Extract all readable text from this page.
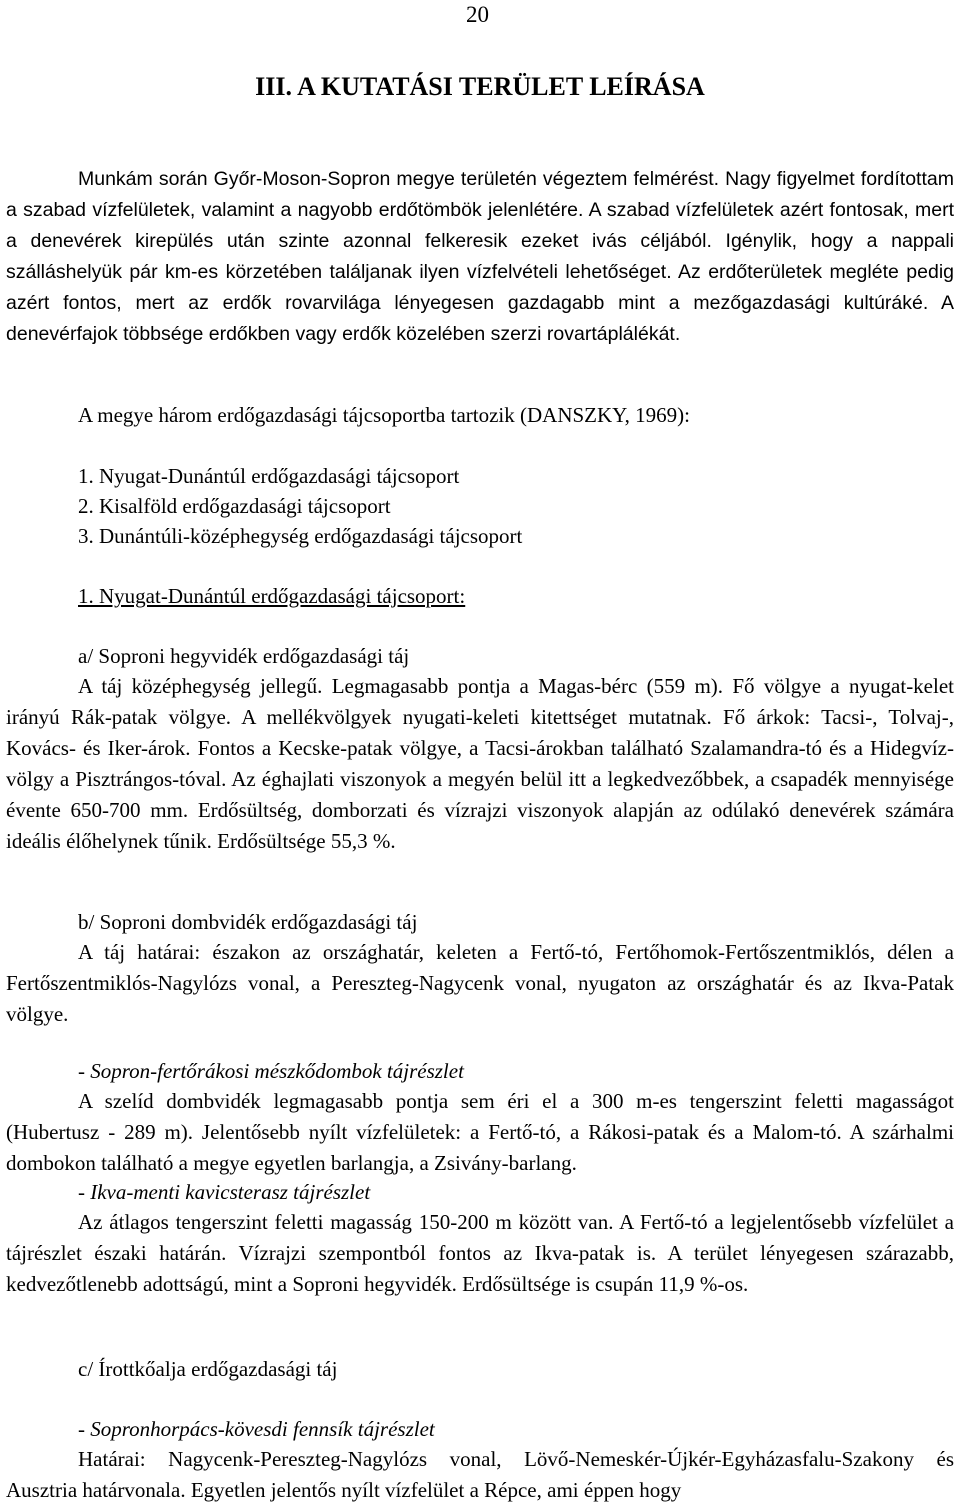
20
III. A KUTATÁSI TERÜLET LEÍRÁSA

Munkám során Győr-Moson-Sopron megye területén végeztem felmérést. Nagy figyelmet fordítottam a szabad vízfelületek, valamint a nagyobb erdőtömbök jelenlétére. A szabad vízfelületek azért fontosak, mert a denevérek kirepülés után szinte azonnal felkeresik ezeket ivás céljából. Igénylik, hogy a nappali szálláshelyük pár km-es körzetében találjanak ilyen vízfelvételi lehetőséget. Az erdőterületek megléte pedig azért fontos, mert az erdők rovarvilága lényegesen gazdagabb mint a mezőgazdasági kultúráké. A denevérfajok többsége erdőkben vagy erdők közelében szerzi rovartáplálékát.

A megye három erdőgazdasági tájcsoportba tartozik (DANSZKY, 1969):
1. Nyugat-Dunántúl erdőgazdasági tájcsoport
2. Kisalföld erdőgazdasági tájcsoport
3. Dunántúli-középhegység erdőgazdasági tájcsoport
1. Nyugat-Dunántúl erdőgazdasági tájcsoport:
a/ Soproni hegyvidék erdőgazdasági táj

A táj középhegység jellegű. Legmagasabb pontja a Magas-bérc (559 m). Fő völgye a nyugat-kelet irányú Rák-patak völgye. A mellékvölgyek nyugati-keleti kitettséget mutatnak. Fő árkok: Tacsi-, Tolvaj-, Kovács- és Iker-árok. Fontos a Kecske-patak völgye, a Tacsi-árokban található Szalamandra-tó és a Hidegvíz-völgy a Pisztrángos-tóval. Az éghajlati viszonyok a megyén belül itt a legkedvezőbbek, a csapadék mennyisége évente 650-700 mm. Erdősültség, domborzati és vízrajzi viszonyok alapján az odúlakó denevérek számára ideális élőhelynek tűnik. Erdősültsége 55,3 %.

b/ Soproni dombvidék erdőgazdasági táj

A táj határai: északon az országhatár, keleten a Fertő-tó, Fertőhomok-Fertőszentmiklós, délen a Fertőszentmiklós-Nagylózs vonal, a Pereszteg-Nagycenk vonal, nyugaton az országhatár és az Ikva-Patak völgye.

- Sopron-fertőrákosi mészkődombok tájrészlet

A szelíd dombvidék legmagasabb pontja sem éri el a 300 m-es tengerszint feletti magasságot (Hubertusz - 289 m). Jelentősebb nyílt vízfelületek: a Fertő-tó, a Rákosi-patak és a Malom-tó. A szárhalmi dombokon található a megye egyetlen barlangja, a Zsivány-barlang.

- Ikva-menti kavicsterasz tájrészlet

Az átlagos tengerszint feletti magasság 150-200 m között van. A Fertő-tó a legjelentősebb vízfelület a tájrészlet északi határán. Vízrajzi szempontból fontos az Ikva-patak is. A terület lényegesen szárazabb, kedvezőtlenebb adottságú, mint a Soproni hegyvidék. Erdősültsége is csupán 11,9 %-os.

c/ Írottkőalja erdőgazdasági táj
- Sopronhorpács-kövesdi fennsík tájrészlet

Határai: Nagycenk-Pereszteg-Nagylózs vonal, Lövő-Nemeskér-Újkér-Egyházasfalu-Szakony és Ausztria határvonala. Egyetlen jelentős nyílt vízfelület a Répce, ami éppen hogy
